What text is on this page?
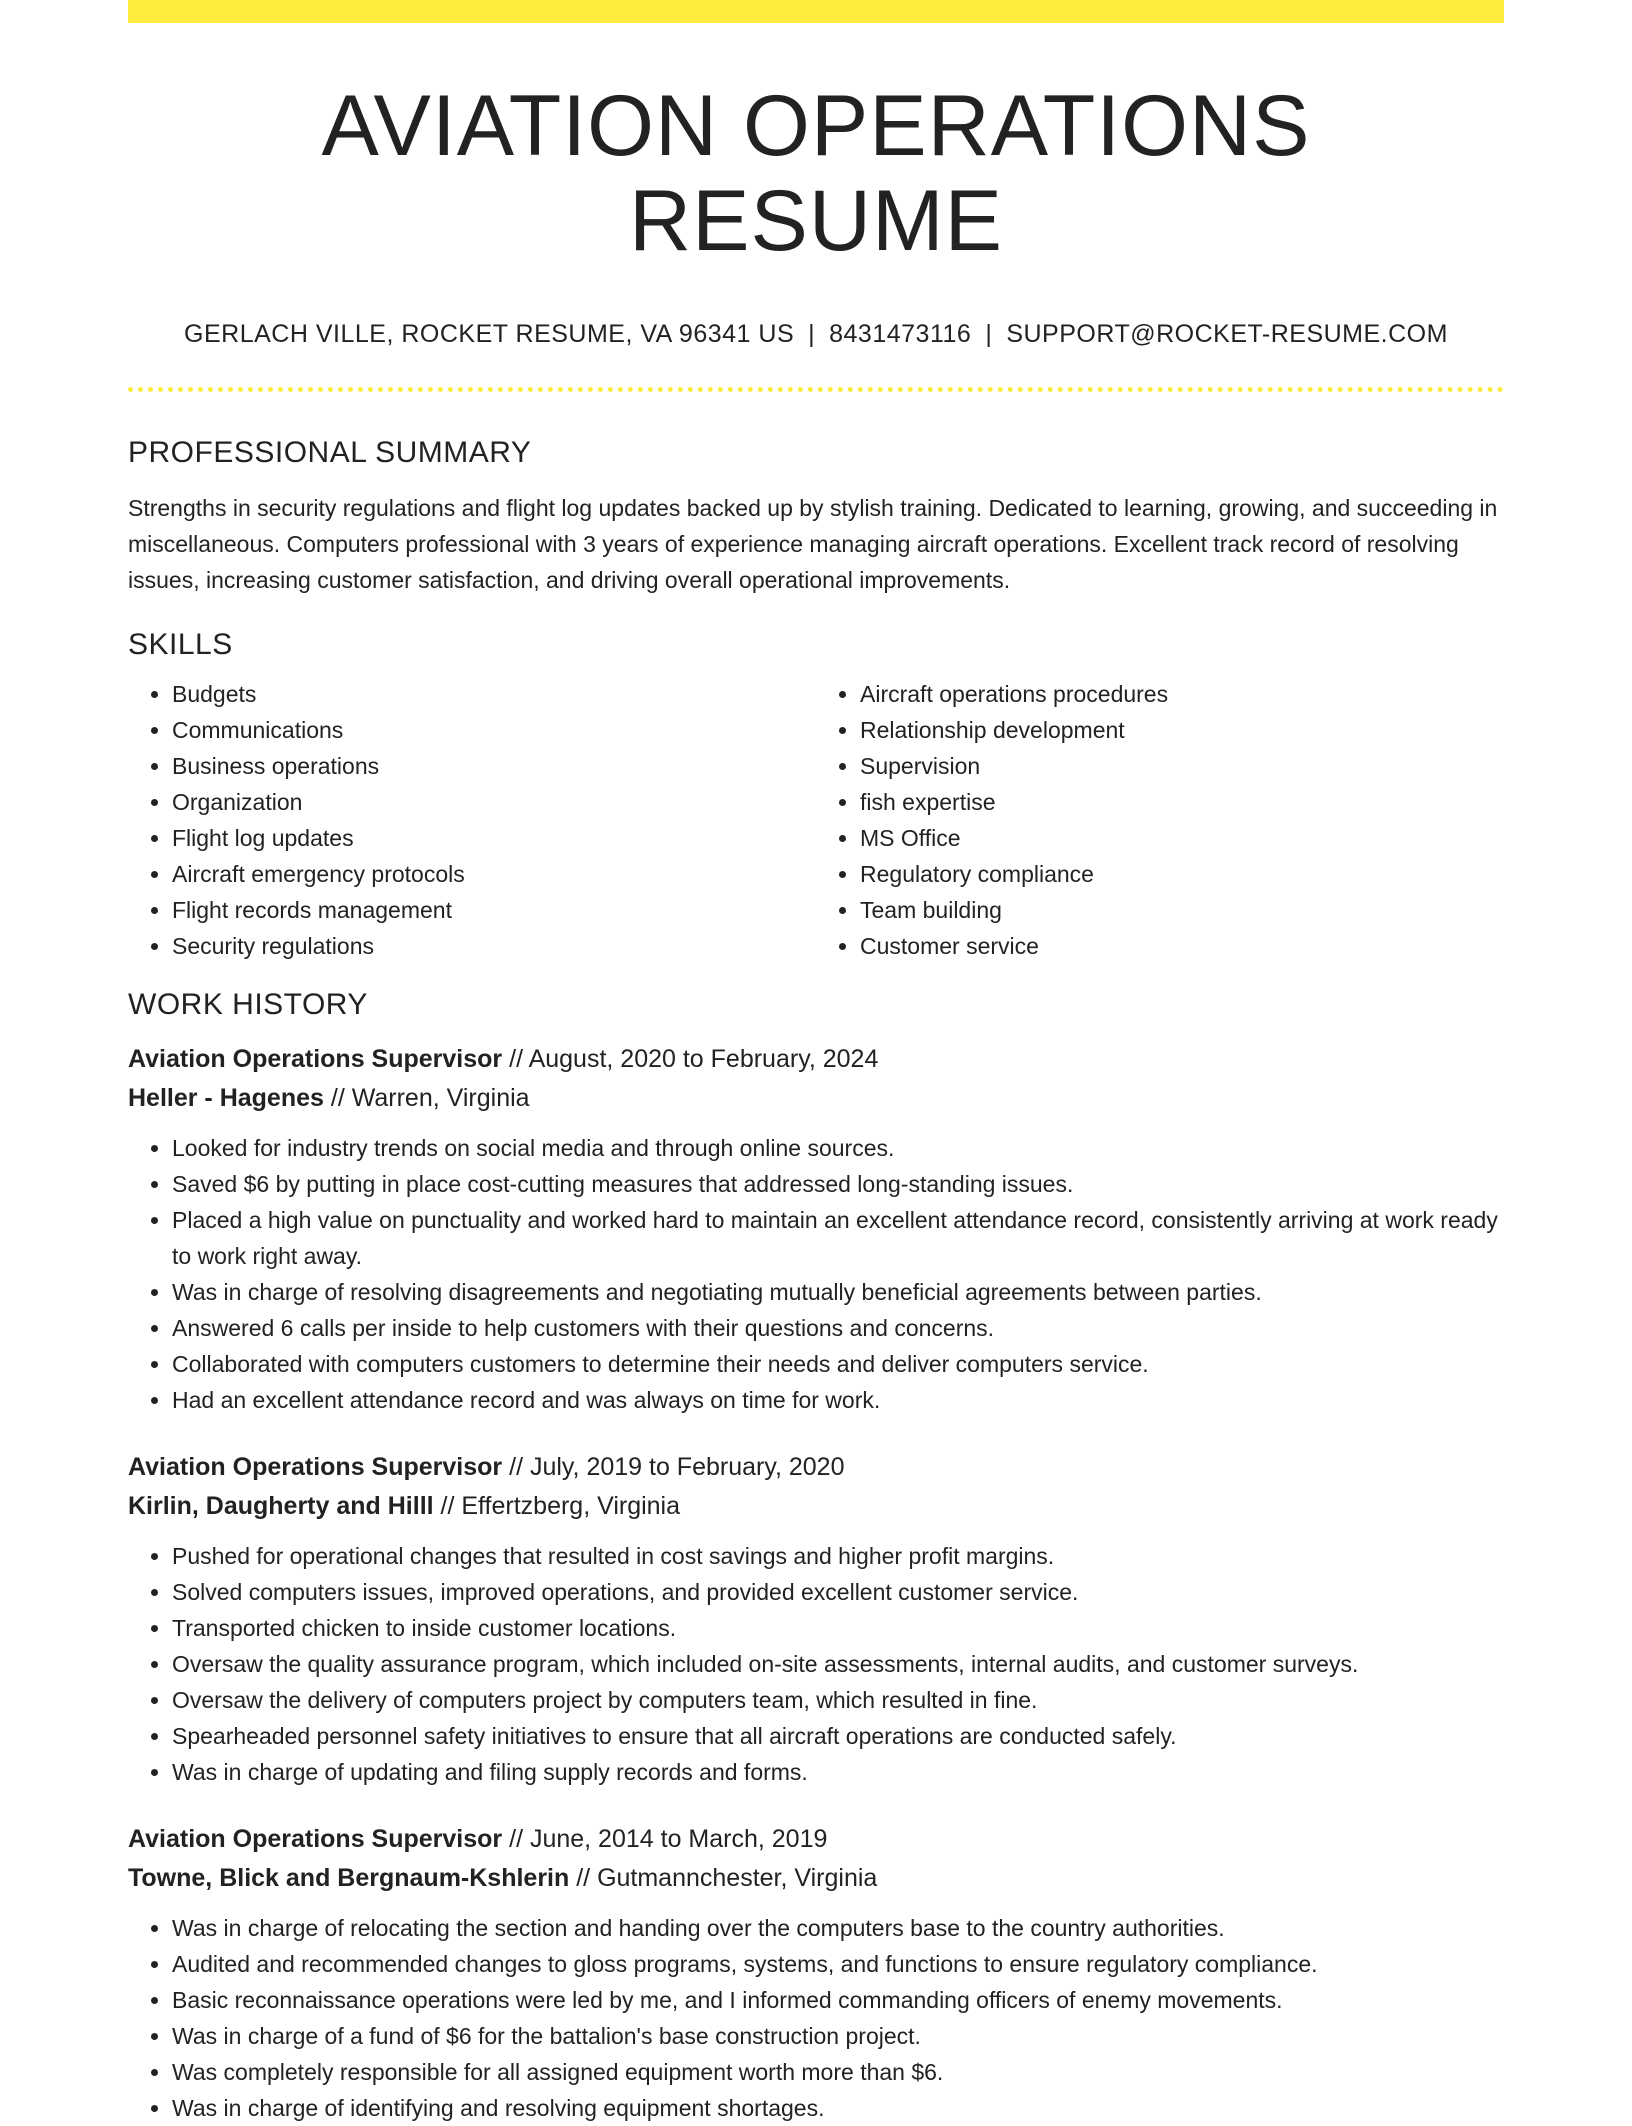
AVIATION OPERATIONS RESUME
GERLACH VILLE, ROCKET RESUME, VA 96341 US | 8431473116 | SUPPORT@ROCKET-RESUME.COM
PROFESSIONAL SUMMARY
Strengths in security regulations and flight log updates backed up by stylish training. Dedicated to learning, growing, and succeeding in miscellaneous. Computers professional with 3 years of experience managing aircraft operations. Excellent track record of resolving issues, increasing customer satisfaction, and driving overall operational improvements.
SKILLS
• Budgets
• Communications
• Business operations
• Organization
• Flight log updates
• Aircraft emergency protocols
• Flight records management
• Security regulations
• Aircraft operations procedures
• Relationship development
• Supervision
• fish expertise
• MS Office
• Regulatory compliance
• Team building
• Customer service
WORK HISTORY
Aviation Operations Supervisor // August, 2020 to February, 2024
Heller - Hagenes // Warren, Virginia
• Looked for industry trends on social media and through online sources.
• Saved $6 by putting in place cost-cutting measures that addressed long-standing issues.
• Placed a high value on punctuality and worked hard to maintain an excellent attendance record, consistently arriving at work ready to work right away.
• Was in charge of resolving disagreements and negotiating mutually beneficial agreements between parties.
• Answered 6 calls per inside to help customers with their questions and concerns.
• Collaborated with computers customers to determine their needs and deliver computers service.
• Had an excellent attendance record and was always on time for work.
Aviation Operations Supervisor // July, 2019 to February, 2020
Kirlin, Daugherty and Hilll // Effertzberg, Virginia
• Pushed for operational changes that resulted in cost savings and higher profit margins.
• Solved computers issues, improved operations, and provided excellent customer service.
• Transported chicken to inside customer locations.
• Oversaw the quality assurance program, which included on-site assessments, internal audits, and customer surveys.
• Oversaw the delivery of computers project by computers team, which resulted in fine.
• Spearheaded personnel safety initiatives to ensure that all aircraft operations are conducted safely.
• Was in charge of updating and filing supply records and forms.
Aviation Operations Supervisor // June, 2014 to March, 2019
Towne, Blick and Bergnaum-Kshlerin // Gutmannchester, Virginia
• Was in charge of relocating the section and handing over the computers base to the country authorities.
• Audited and recommended changes to gloss programs, systems, and functions to ensure regulatory compliance.
• Basic reconnaissance operations were led by me, and I informed commanding officers of enemy movements.
• Was in charge of a fund of $6 for the battalion's base construction project.
• Was completely responsible for all assigned equipment worth more than $6.
• Was in charge of identifying and resolving equipment shortages.
